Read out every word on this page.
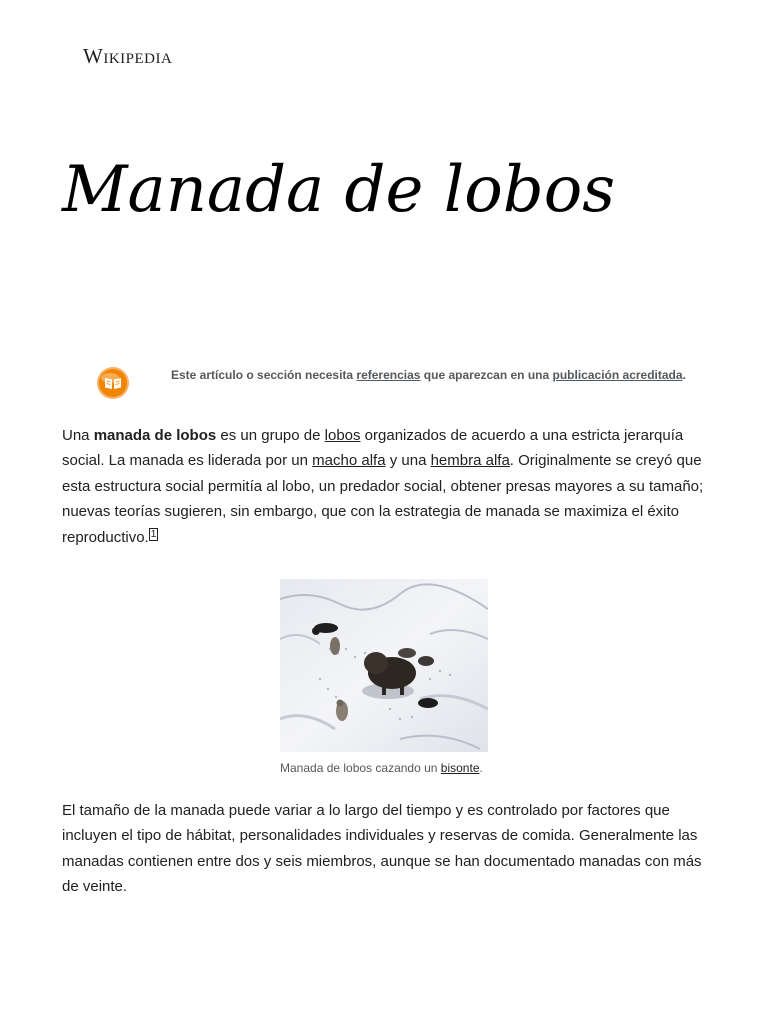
Wikipedia
Manada de lobos
Este artículo o sección necesita referencias que aparezcan en una publicación acreditada.

Una manada de lobos es un grupo de lobos organizados de acuerdo a una estricta jerarquía social. La manada es liderada por un macho alfa y una hembra alfa. Originalmente se creyó que esta estructura social permitía al lobo, un predador social, obtener presas mayores a su tamaño; nuevas teorías sugieren, sin embargo, que con la estrategia de manada se maximiza el éxito reproductivo. $^1$

Manada de lobos cazando un bisonte.

El tamaño de la manada puede variar a lo largo del tiempo y es controlado por factores que incluyen el tipo de hábitat, personalidades individuales y reservas de comida. Generalmente las manadas contienen entre dos y seis miembros, aunque se han documentado manadas con más de veinte.
